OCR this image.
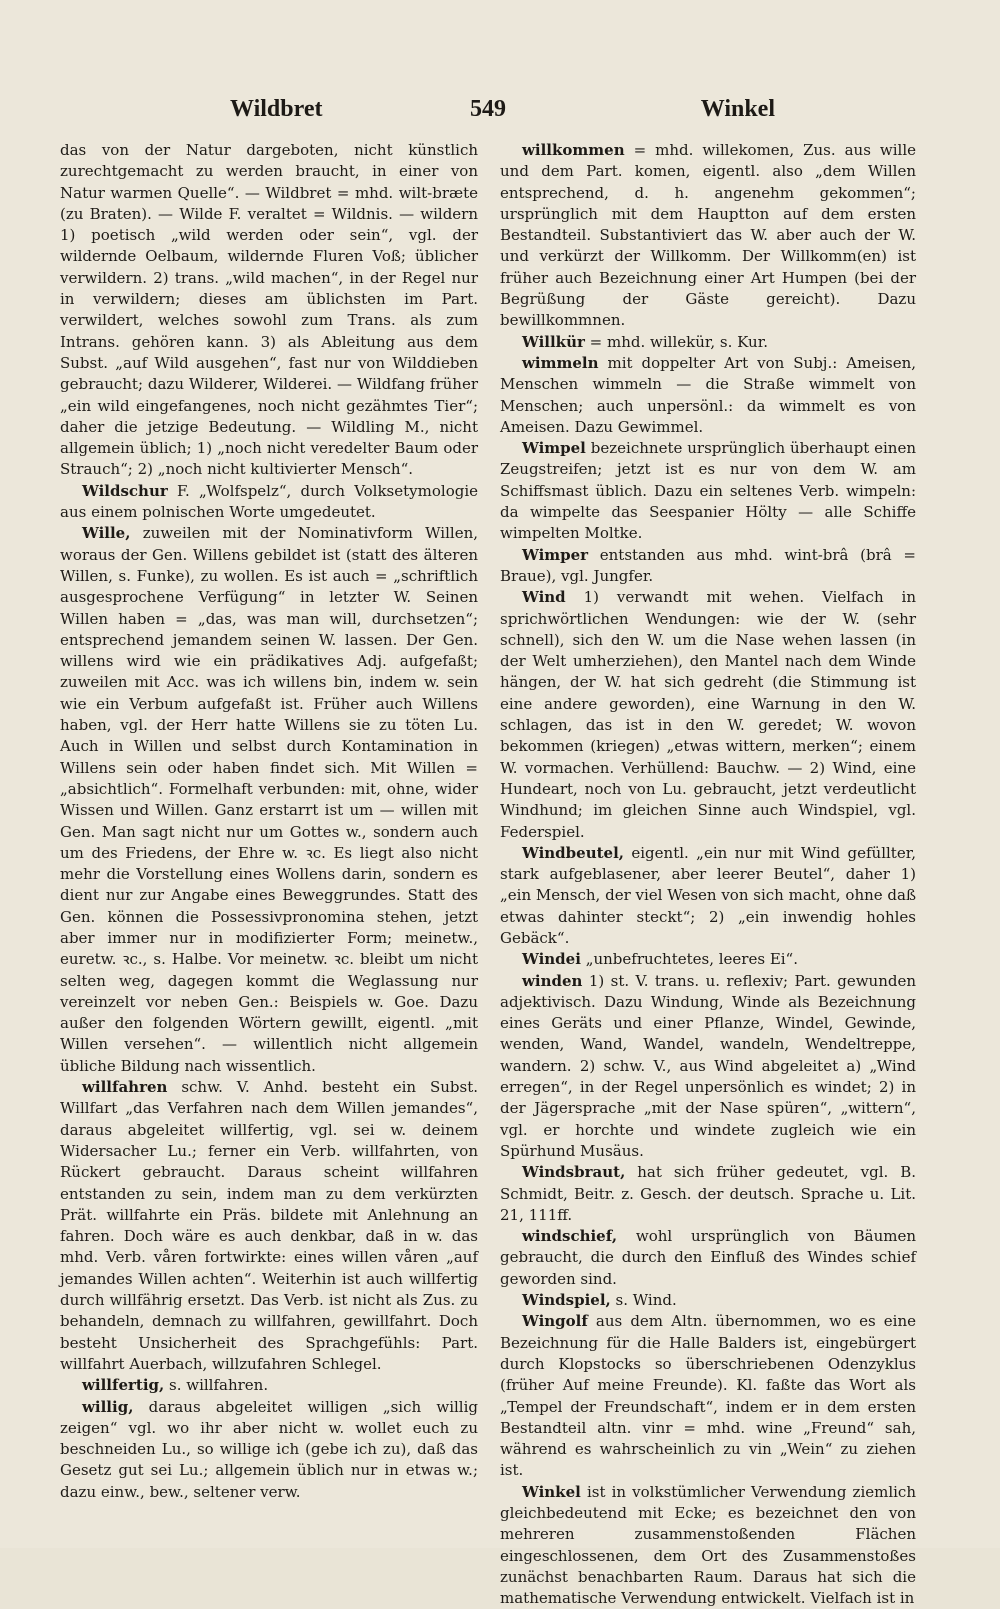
Wildbret	549	Winkel

das von der Natur dargeboten, nicht künstlich zurechtgemacht zu werden braucht, in einer von Natur warmen Quelle“. — Wildbret = mhd. wilt-bræte (zu Braten). — Wilde F. veraltet = Wildnis. — wildern 1) poetisch „wild werden oder sein“, vgl. der wildernde Oelbaum, wildernde Fluren Voß; üblicher verwildern. 2) trans. „wild machen“, in der Regel nur in verwildern; dieses am üblichsten im Part. verwildert, welches sowohl zum Trans. als zum Intrans. gehören kann. 3) als Ableitung aus dem Subst. „auf Wild ausgehen“, fast nur von Wilddieben gebraucht; dazu Wilderer, Wilderei. — Wildfang früher „ein wild eingefangenes, noch nicht gezähmtes Tier“; daher die jetzige Bedeutung. — Wildling M., nicht allgemein üblich; 1) „noch nicht veredelter Baum oder Strauch“; 2) „noch nicht kultivierter Mensch“.

Wildschur F. „Wolfspelz“, durch Volksetymologie aus einem polnischen Worte umgedeutet.

Wille, zuweilen mit der Nominativform Willen, woraus der Gen. Willens gebildet ist (statt des älteren Willen, s. Funke), zu wollen. Es ist auch = „schriftlich ausgesprochene Verfügung“ in letzter W. Seinen Willen haben = „das, was man will, durchsetzen“; entsprechend jemandem seinen W. lassen. Der Gen. willens wird wie ein prädikatives Adj. aufgefaßt; zuweilen mit Acc. was ich willens bin, indem w. sein wie ein Verbum aufgefaßt ist. Früher auch Willens haben, vgl. der Herr hatte Willens sie zu töten Lu. Auch in Willen und selbst durch Kontamination in Willens sein oder haben findet sich. Mit Willen = „absichtlich“. Formelhaft verbunden: mit, ohne, wider Wissen und Willen. Ganz erstarrt ist um — willen mit Gen. Man sagt nicht nur um Gottes w., sondern auch um des Friedens, der Ehre w. ꝛc. Es liegt also nicht mehr die Vorstellung eines Wollens darin, sondern es dient nur zur Angabe eines Beweggrundes. Statt des Gen. können die Possessivpronomina stehen, jetzt aber immer nur in modifizierter Form; meinetw., euretw. ꝛc., s. Halbe. Vor meinetw. ꝛc. bleibt um nicht selten weg, dagegen kommt die Weglassung nur vereinzelt vor neben Gen.: Beispiels w. Goe. Dazu außer den folgenden Wörtern gewillt, eigentl. „mit Willen versehen“. — willentlich nicht allgemein übliche Bildung nach wissentlich.

willfahren schw. V. Anhd. besteht ein Subst. Willfart „das Verfahren nach dem Willen jemandes“, daraus abgeleitet willfertig, vgl. sei w. deinem Widersacher Lu.; ferner ein Verb. willfahrten, von Rückert gebraucht. Daraus scheint willfahren entstanden zu sein, indem man zu dem verkürzten Prät. willfahrte ein Präs. bildete mit Anlehnung an fahren. Doch wäre es auch denkbar, daß in w. das mhd. Verb. våren fortwirkte: eines willen våren „auf jemandes Willen achten“. Weiterhin ist auch willfertig durch willfährig ersetzt. Das Verb. ist nicht als Zus. zu behandeln, demnach zu willfahren, gewillfahrt. Doch besteht Unsicherheit des Sprachgefühls: Part. willfahrt Auerbach, willzufahren Schlegel.

willfertig, s. willfahren.

willig, daraus abgeleitet willigen „sich willig zeigen“ vgl. wo ihr aber nicht w. wollet euch zu beschneiden Lu., so willige ich (gebe ich zu), daß das Gesetz gut sei Lu.; allgemein üblich nur in etwas w.; dazu einw., bew., seltener verw.

willkommen = mhd. willekomen, Zus. aus wille und dem Part. komen, eigentl. also „dem Willen entsprechend, d. h. angenehm gekommen“; ursprünglich mit dem Hauptton auf dem ersten Bestandteil. Substantiviert das W. aber auch der W. und verkürzt der Willkomm. Der Willkomm(en) ist früher auch Bezeichnung einer Art Humpen (bei der Begrüßung der Gäste gereicht). Dazu bewillkommnen.

Willkür = mhd. willekür, s. Kur.

wimmeln mit doppelter Art von Subj.: Ameisen, Menschen wimmeln — die Straße wimmelt von Menschen; auch unpersönl.: da wimmelt es von Ameisen. Dazu Gewimmel.

Wimpel bezeichnete ursprünglich überhaupt einen Zeugstreifen; jetzt ist es nur von dem W. am Schiffsmast üblich. Dazu ein seltenes Verb. wimpeln: da wimpelte das Seespanier Hölty — alle Schiffe wimpelten Moltke.

Wimper entstanden aus mhd. wint-brâ (brâ = Braue), vgl. Jungfer.

Wind 1) verwandt mit wehen. Vielfach in sprichwörtlichen Wendungen: wie der W. (sehr schnell), sich den W. um die Nase wehen lassen (in der Welt umherziehen), den Mantel nach dem Winde hängen, der W. hat sich gedreht (die Stimmung ist eine andere geworden), eine Warnung in den W. schlagen, das ist in den W. geredet; W. wovon bekommen (kriegen) „etwas wittern, merken“; einem W. vormachen. Verhüllend: Bauchw. — 2) Wind, eine Hundeart, noch von Lu. gebraucht, jetzt verdeutlicht Windhund; im gleichen Sinne auch Windspiel, vgl. Federspiel.

Windbeutel, eigentl. „ein nur mit Wind gefüllter, stark aufgeblasener, aber leerer Beutel“, daher 1) „ein Mensch, der viel Wesen von sich macht, ohne daß etwas dahinter steckt“; 2) „ein inwendig hohles Gebäck“.

Windei „unbefruchtetes, leeres Ei“.

winden 1) st. V. trans. u. reflexiv; Part. gewunden adjektivisch. Dazu Windung, Winde als Bezeichnung eines Geräts und einer Pflanze, Windel, Gewinde, wenden, Wand, Wandel, wandeln, Wendeltreppe, wandern. 2) schw. V., aus Wind abgeleitet a) „Wind erregen“, in der Regel unpersönlich es windet; 2) in der Jägersprache „mit der Nase spüren“, „wittern“, vgl. er horchte und windete zugleich wie ein Spürhund Musäus.

Windsbraut, hat sich früher gedeutet, vgl. B. Schmidt, Beitr. z. Gesch. der deutsch. Sprache u. Lit. 21, 111ff.

windschief, wohl ursprünglich von Bäumen gebraucht, die durch den Einfluß des Windes schief geworden sind.

Windspiel, s. Wind.

Wingolf aus dem Altn. übernommen, wo es eine Bezeichnung für die Halle Balders ist, eingebürgert durch Klopstocks so überschriebenen Odenzyklus (früher Auf meine Freunde). Kl. faßte das Wort als „Tempel der Freundschaft“, indem er in dem ersten Bestandteil altn. vinr = mhd. wine „Freund“ sah, während es wahrscheinlich zu vin „Wein“ zu ziehen ist.

Winkel ist in volkstümlicher Verwendung ziemlich gleichbedeutend mit Ecke; es bezeichnet den von mehreren zusammenstoßenden Flächen eingeschlossenen, dem Ort des Zusammenstoßes zunächst benachbarten Raum. Daraus hat sich die mathematische Verwendung entwickelt. Vielfach ist in
